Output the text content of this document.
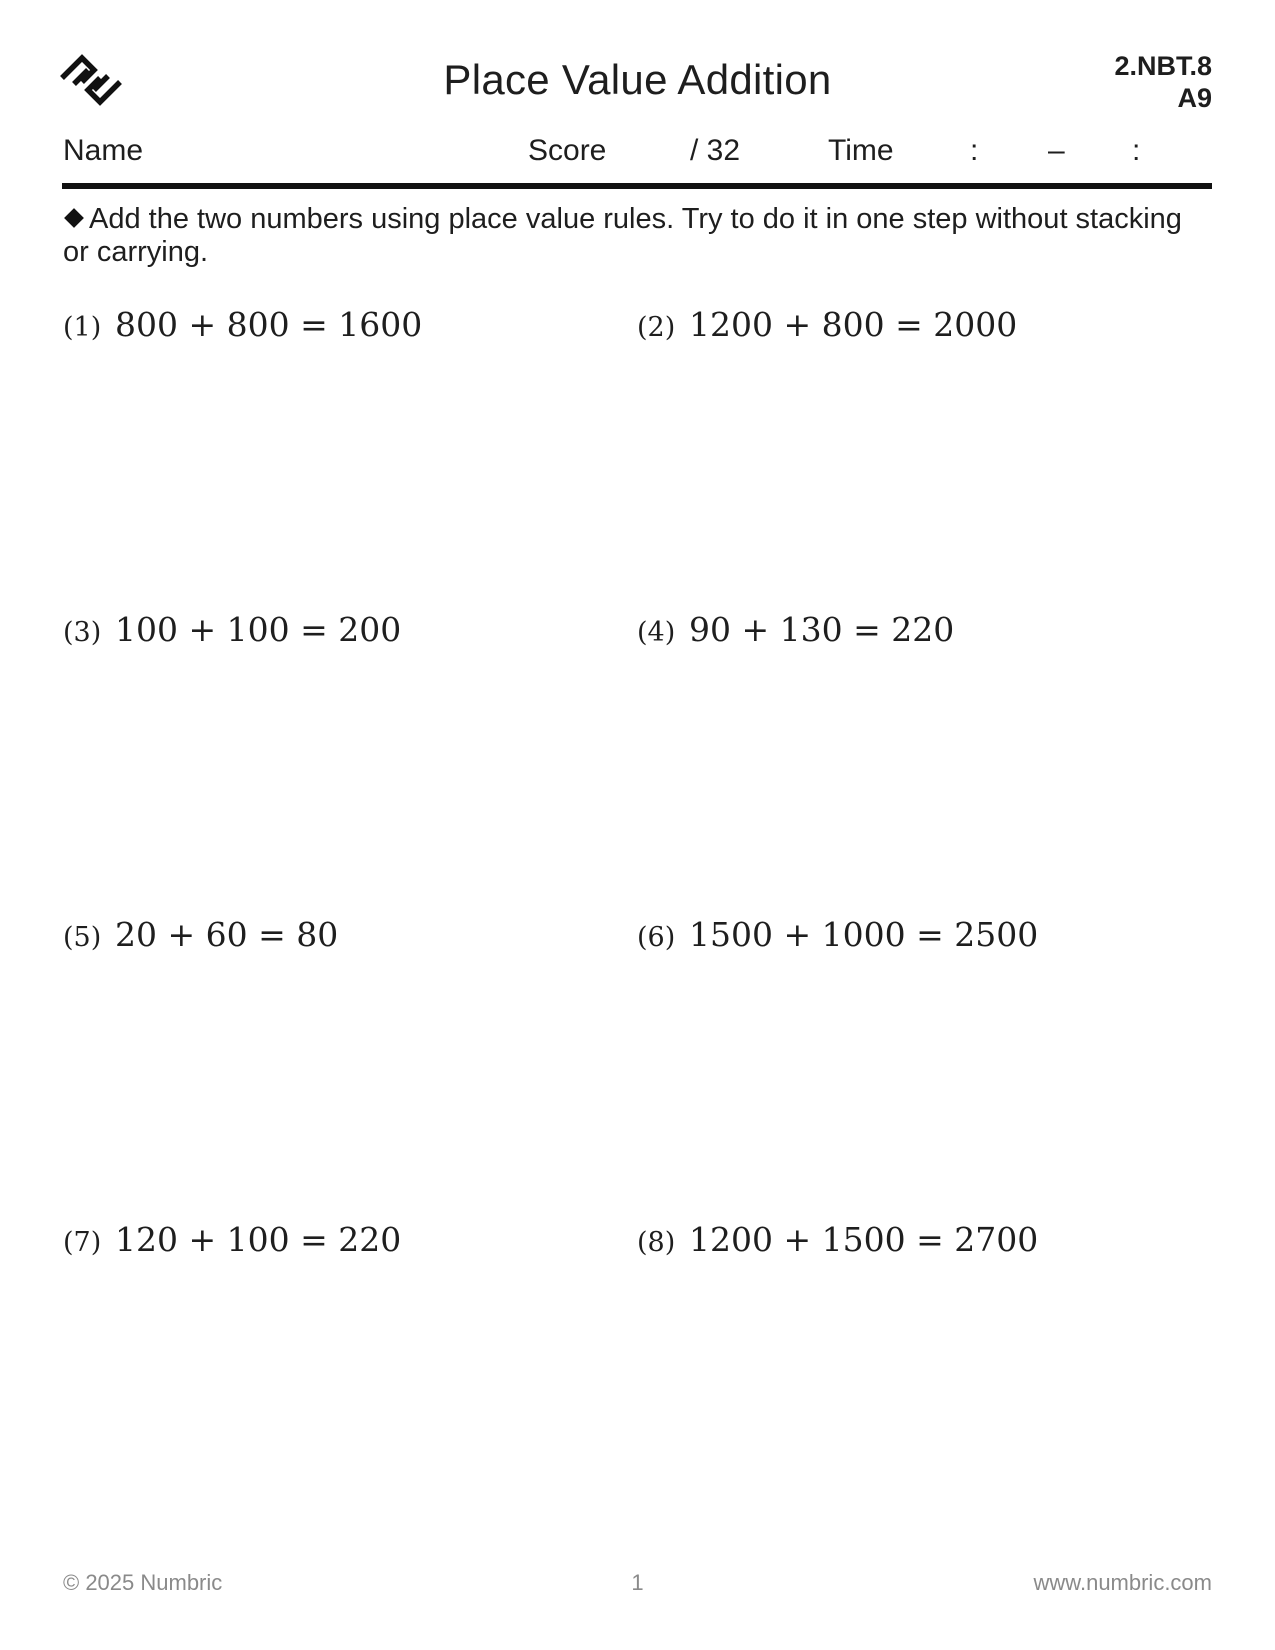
Place Value Addition	2.NBT.8
A9
Name	Score	/ 32	Time	: – :
Add the two numbers using place value rules. Try to do it in one step without stacking or carrying.
(1) 800 + 800 = 1600	(2) 1200 + 800 = 2000
(3) 100 + 100 = 200	(4) 90 + 130 = 220
(5) 20 + 60 = 80	(6) 1500 + 1000 = 2500
(7) 120 + 100 = 220	(8) 1200 + 1500 = 2700
© 2025 Numbric	1	www.numbric.com
